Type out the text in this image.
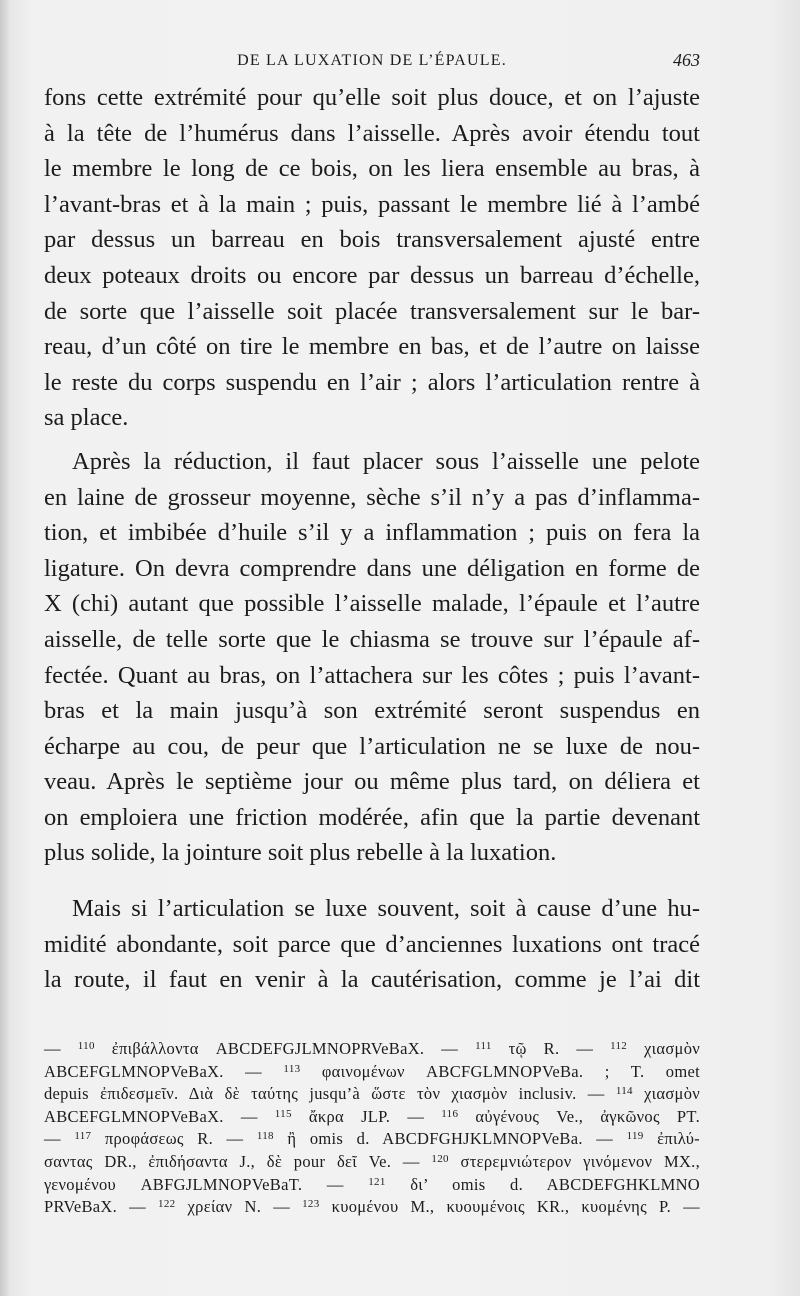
DE LA LUXATION DE L’ÉPAULE.	463
fons cette extrémité pour qu’elle soit plus douce, et on l’ajuste
à la tête de l’humérus dans l’aisselle. Après avoir étendu tout
le membre le long de ce bois, on les liera ensemble au bras, à
l’avant-bras et à la main ; puis, passant le membre lié à l’ambé
par dessus un barreau en bois transversalement ajusté entre
deux poteaux droits ou encore par dessus un barreau d’échelle,
de sorte que l’aisselle soit placée transversalement sur le bar-
reau, d’un côté on tire le membre en bas, et de l’autre on laisse
le reste du corps suspendu en l’air ; alors l’articulation rentre à
sa place.
Après la réduction, il faut placer sous l’aisselle une pelote
en laine de grosseur moyenne, sèche s’il n’y a pas d’inflamma-
tion, et imbibée d’huile s’il y a inflammation ; puis on fera la
ligature. On devra comprendre dans une déligation en forme de
X (chi) autant que possible l’aisselle malade, l’épaule et l’autre
aisselle, de telle sorte que le chiasma se trouve sur l’épaule af-
fectée. Quant au bras, on l’attachera sur les côtes ; puis l’avant-
bras et la main jusqu’à son extrémité seront suspendus en
écharpe au cou, de peur que l’articulation ne se luxe de nou-
veau. Après le septième jour ou même plus tard, on déliera et
on emploiera une friction modérée, afin que la partie devenant
plus solide, la jointure soit plus rebelle à la luxation.
Mais si l’articulation se luxe souvent, soit à cause d’une hu-
midité abondante, soit parce que d’anciennes luxations ont tracé
la route, il faut en venir à la cautérisation, comme je l’ai dit
— $^{110}$ ἐπιβάλλοντα ABCDEFGJLMNOPRVeBaX. — $^{111}$ τῷ R. — $^{112}$ χιασμὸν
ABCEFGLMNOPVeBaX. — $^{113}$ φαινομένων ABCFGLMNOPVeBa. ; T. omet
depuis ἐπιδεσμεῖν. Διὰ δὲ ταύτης jusqu’à ὥστε τὸν χιασμὸν inclusiv. — $^{114}$ χιασμὸν
ABCEFGLMNOPVeBaX. — $^{115}$ ἄκρα JLP. — $^{116}$ αὐγένους Ve., ἀγκῶνος PT.
— $^{117}$ προφάσεως R. — $^{118}$ ἢ omis d. ABCDFGHJKLMNOPVeBa. — $^{119}$ ἐπιλύ-
σαντας DR., ἐπιδήσαντα J., δὲ pour δεῖ Ve. — $^{120}$ στερεμνιώτερον γινόμενον MX.,
γενομένου ABFGJLMNOPVeBaT. — $^{121}$ δι’ omis d. ABCDEFGHKLMNO
PRVeBaX. — $^{122}$ χρείαν N. — $^{123}$ κυομένου M., κυουμένοις KR., κυομένης P. —
